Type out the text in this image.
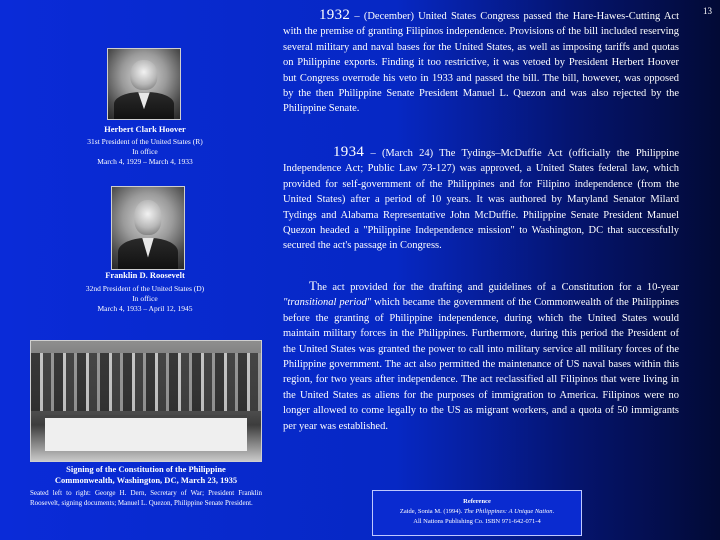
13
Herbert Clark Hoover
31st President of the United States (R)
In office
March 4, 1929 – March 4, 1933
Franklin D. Roosevelt
32nd President of the United States (D)
In office
March 4, 1933 – April 12, 1945
Signing of the Constitution of the Philippine
Commonwealth, Washington, DC, March 23, 1935
Seated left to right: George H. Dern, Secretary of War; President Franklin Roosevelt, signing documents; Manuel L. Quezon, Philippine Senate President.
1932 – (December) United States Congress passed the Hare-Hawes-Cutting Act with the premise of granting Filipinos independence. Provisions of the bill included reserving several military and naval bases for the United States, as well as imposing tariffs and quotas on Philippine exports. Finding it too restrictive, it was vetoed by President Herbert Hoover but Congress overrode his veto in 1933 and passed the bill. The bill, however, was opposed by the then Philippine Senate President Manuel L. Quezon and was also rejected by the Philippine Senate.
1934 – (March 24) The Tydings–McDuffie Act (officially the Philippine Independence Act; Public Law 73-127) was approved, a United States federal law, which provided for self-government of the Philippines and for Filipino independence (from the United States) after a period of 10 years. It was authored by Maryland Senator Milard Tydings and Alabama Representative John McDuffie. Philippine Senate President Manuel Quezon headed a "Philippine Independence mission" to Washington, DC that successfully secured the act's passage in Congress.
The act provided for the drafting and guidelines of a Constitution for a 10-year "transitional period" which became the government of the Commonwealth of the Philippines before the granting of Philippine independence, during which the United States would maintain military forces in the Philippines. Furthermore, during this period the President of the United States was granted the power to call into military service all military forces of the Philippine government. The act also permitted the maintenance of US naval bases within this region, for two years after independence. The act reclassified all Filipinos that were living in the United States as aliens for the purposes of immigration to America. Filipinos were no longer allowed to come legally to the US as migrant workers, and a quota of 50 immigrants per year was established.
Reference
Zaide, Sonia M. (1994). The Philippines: A Unique Nation.
All Nations Publishing Co. ISBN 971-642-071-4
